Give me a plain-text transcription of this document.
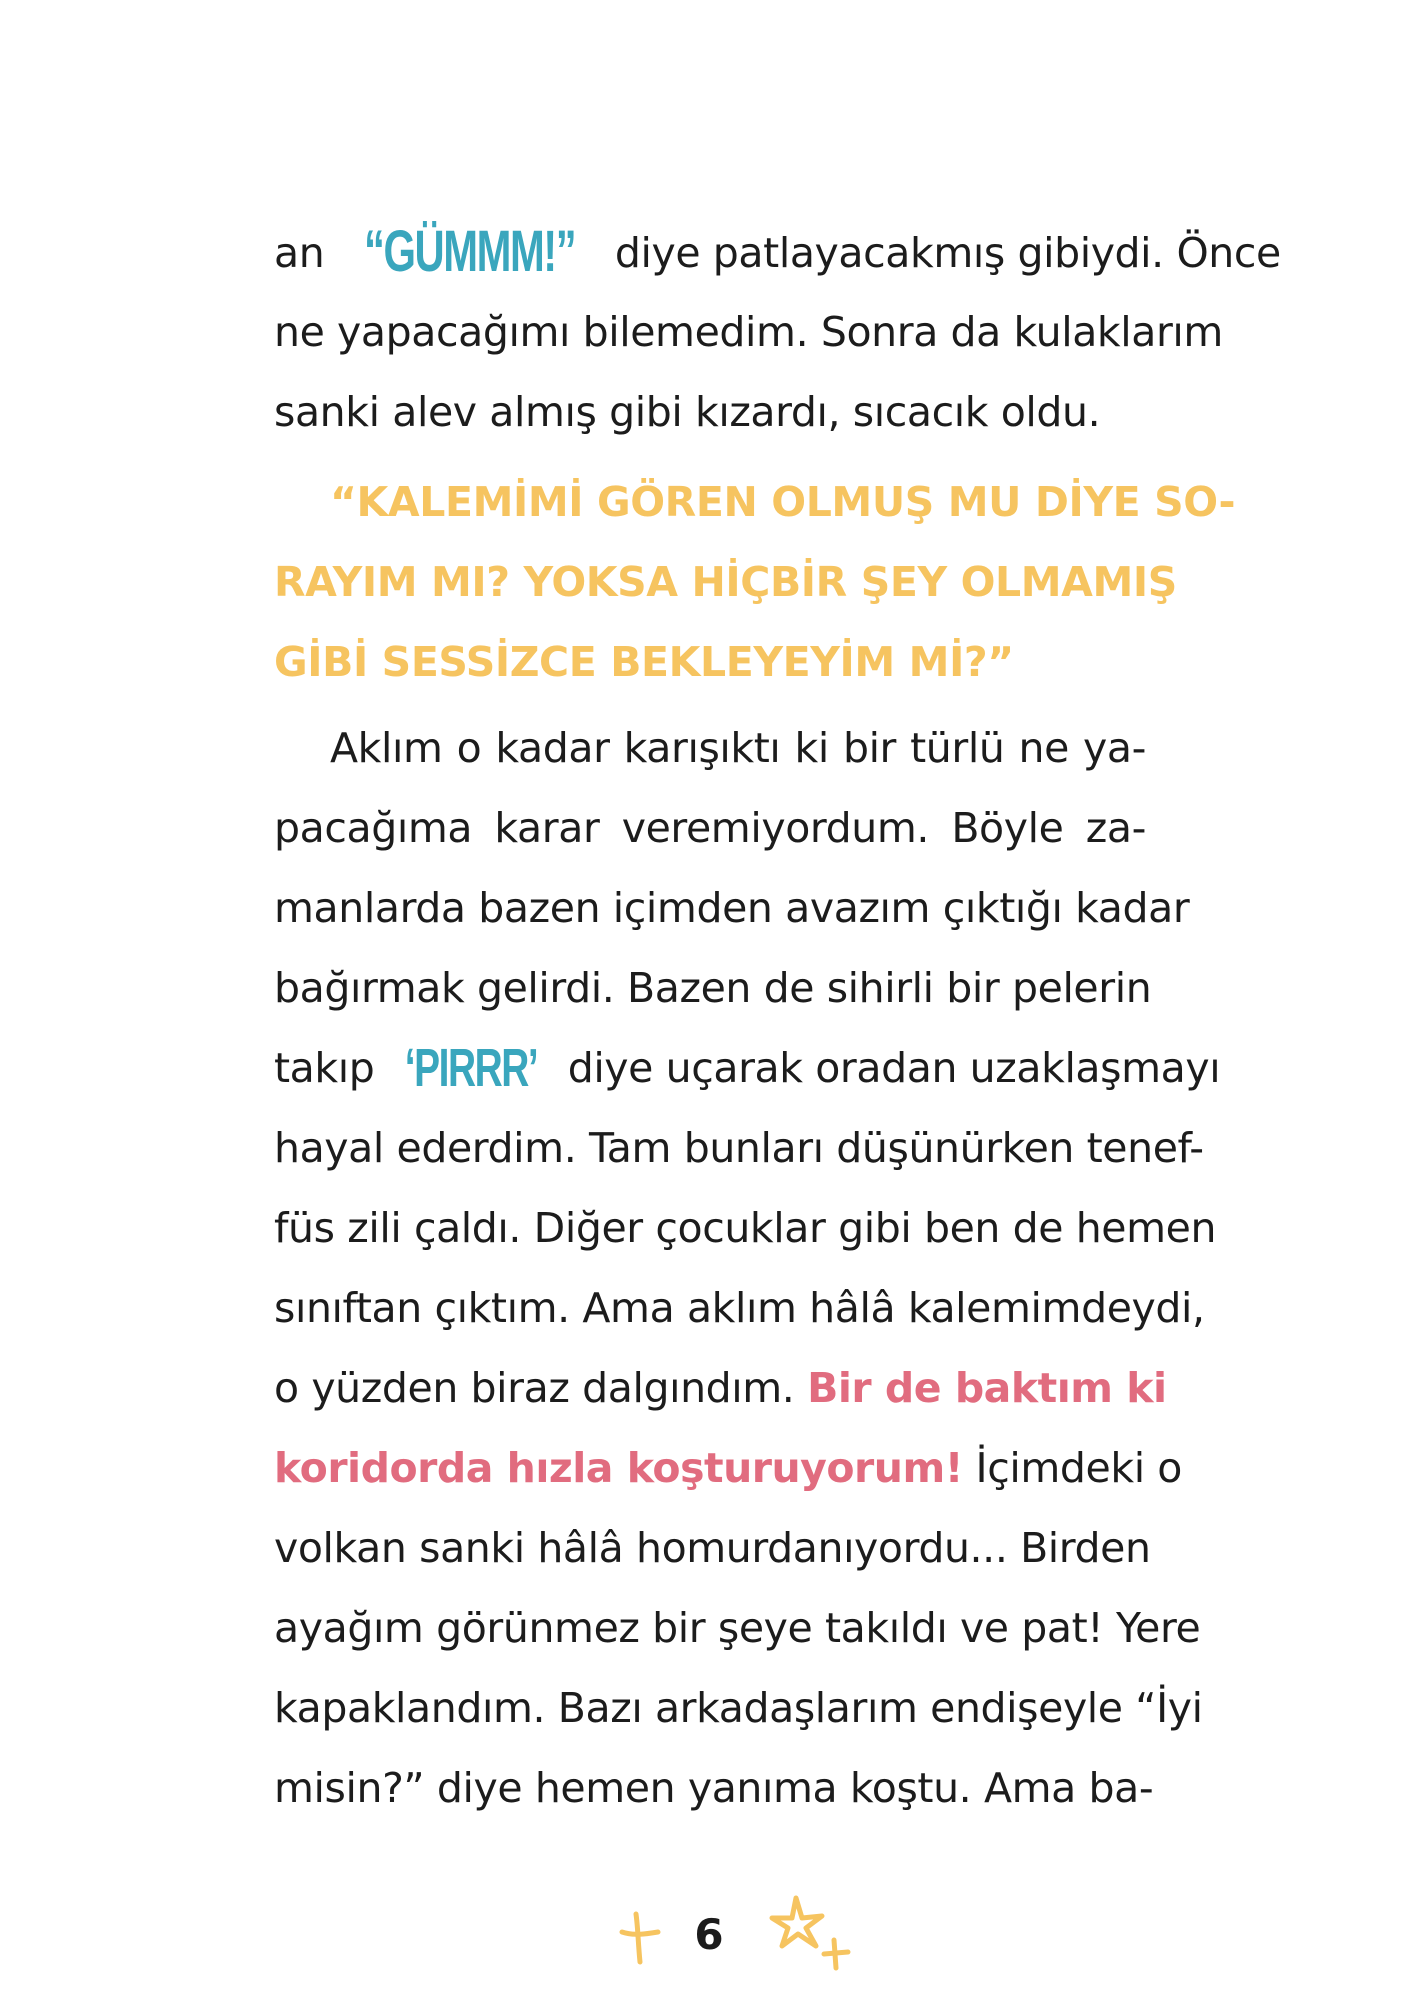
an “GÜMMM!” diye patlayacakmış gibiydi. Önce
ne yapacağımı bilemedim. Sonra da kulaklarım
sanki alev almış gibi kızardı, sıcacık oldu.
“KALEMİMİ GÖREN OLMUŞ MU DİYE SO-
RAYIM MI? YOKSA HİÇBİR ŞEY OLMAMIŞ
GİBİ SESSİZCE BEKLEYEYİM Mİ?”
Aklım o kadar karışıktı ki bir türlü ne ya-
pacağıma karar veremiyordum. Böyle za-
manlarda bazen içimden avazım çıktığı kadar
bağırmak gelirdi. Bazen de sihirli bir pelerin
takıp ‘PIRRR’ diye uçarak oradan uzaklaşmayı
hayal ederdim. Tam bunları düşünürken tenef-
füs zili çaldı. Diğer çocuklar gibi ben de hemen
sınıftan çıktım. Ama aklım hâlâ kalemimdeydi,
o yüzden biraz dalgındım. Bir de baktım ki
koridorda hızla koşturuyorum! İçimdeki o
volkan sanki hâlâ homurdanıyordu... Birden
ayağım görünmez bir şeye takıldı ve pat! Yere
kapaklandım. Bazı arkadaşlarım endişeyle “İyi
misin?” diye hemen yanıma koştu. Ama ba-
6
